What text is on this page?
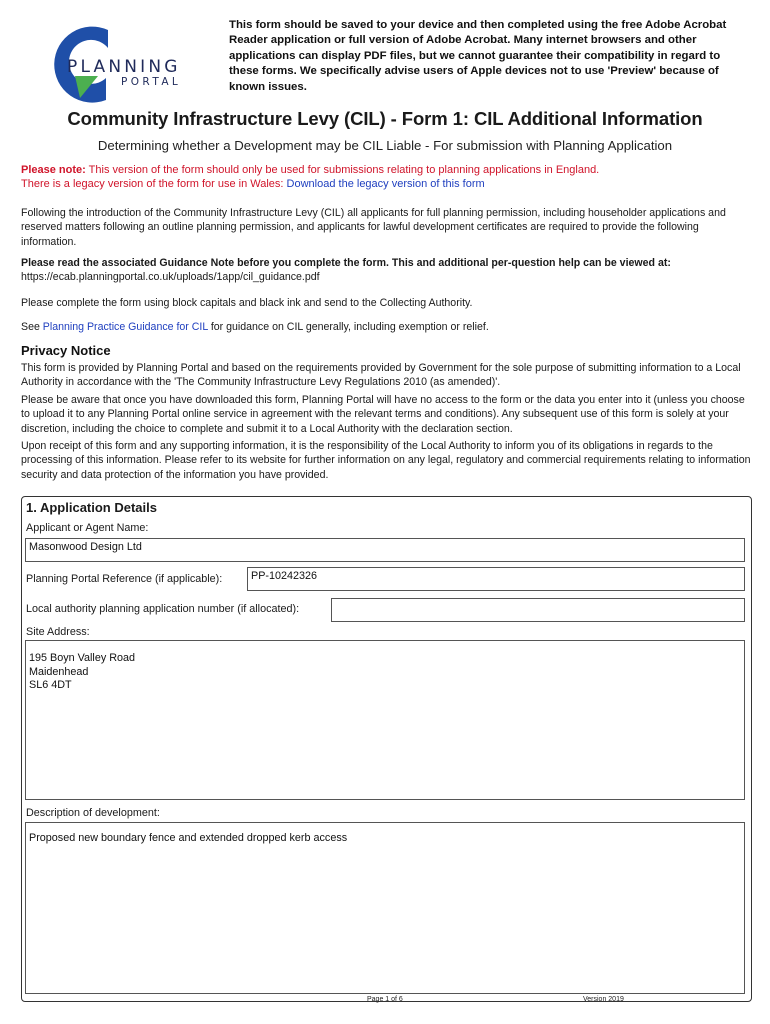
PLANNING
PORTAL
This form should be saved to your device and then completed using the free Adobe Acrobat Reader application or full version of Adobe Acrobat. Many internet browsers and other applications can display PDF files, but we cannot guarantee their compatibility in regard to these forms. We specifically advise users of Apple devices not to use 'Preview' because of known issues.
Community Infrastructure Levy (CIL) - Form 1: CIL Additional Information
Determining whether a Development may be CIL Liable - For submission with Planning Application
Please note: This version of the form should only be used for submissions relating to planning applications in England.
There is a legacy version of the form for use in Wales: Download the legacy version of this form
Following the introduction of the Community Infrastructure Levy (CIL) all applicants for full planning permission, including householder applications and reserved matters following an outline planning permission, and applicants for lawful development certificates are required to provide the following information.
Please read the associated Guidance Note before you complete the form. This and additional per-question help can be viewed at:
https://ecab.planningportal.co.uk/uploads/1app/cil_guidance.pdf
Please complete the form using block capitals and black ink and send to the Collecting Authority.
See Planning Practice Guidance for CIL for guidance on CIL generally, including exemption or relief.
Privacy Notice
This form is provided by Planning Portal and based on the requirements provided by Government for the sole purpose of submitting information to a Local Authority in accordance with the 'The Community Infrastructure Levy Regulations 2010 (as amended)'.
Please be aware that once you have downloaded this form, Planning Portal will have no access to the form or the data you enter into it (unless you choose to upload it to any Planning Portal online service in agreement with the relevant terms and conditions). Any subsequent use of this form is solely at your discretion, including the choice to complete and submit it to a Local Authority with the declaration section.
Upon receipt of this form and any supporting information, it is the responsibility of the Local Authority to inform you of its obligations in regards to the processing of this information. Please refer to its website for further information on any legal, regulatory and commercial requirements relating to information security and data protection of the information you have provided.
1. Application Details
Applicant or Agent Name:
Masonwood Design Ltd
Planning Portal Reference (if applicable):	PP-10242326
Local authority planning application number (if allocated):
Site Address:
195 Boyn Valley Road
Maidenhead
SL6 4DT
Description of development:
Proposed new boundary fence and extended dropped kerb access
Page 1 of 6	Version 2019
